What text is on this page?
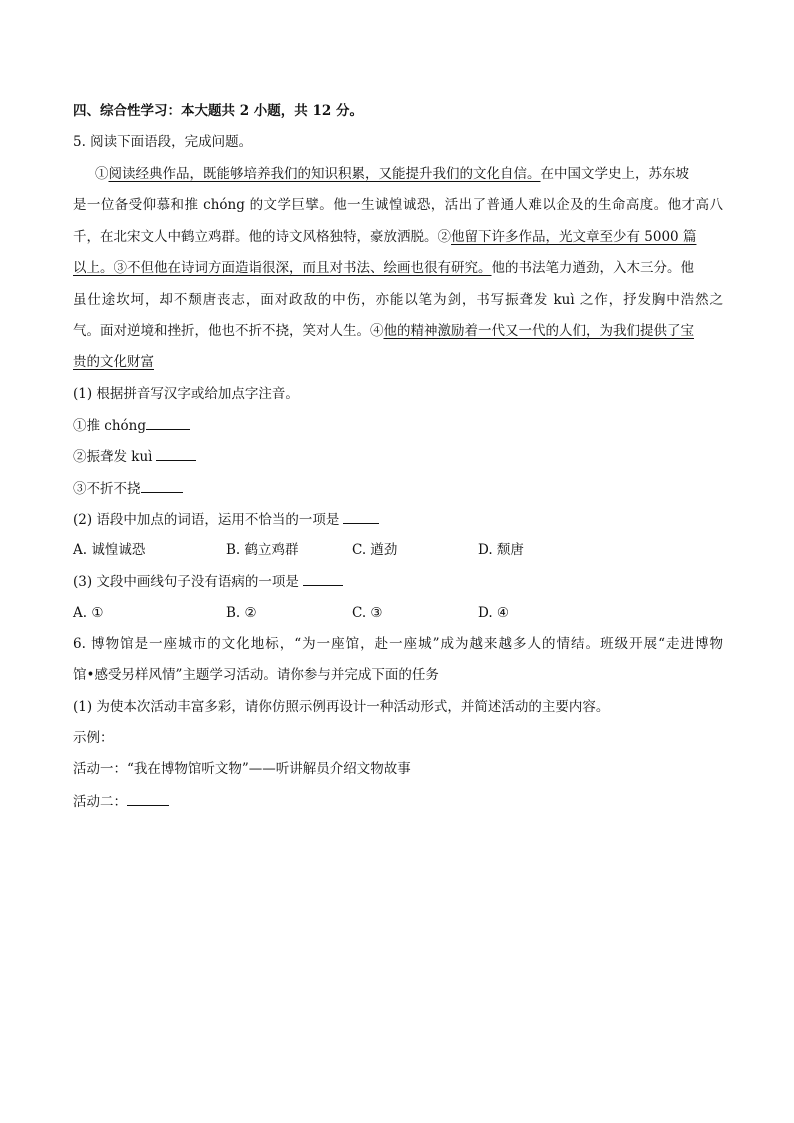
四、综合性学习：本大题共 2 小题，共 12 分。
5. 阅读下面语段，完成问题。
①阅读经典作品，既能够培养我们的知识积累，又能提升我们的文化自信。在中国文学史上，苏东坡
是一位备受仰慕和推 chóng 的文学巨擘。他一生诚惶诚恐，活出了普通人难以企及的生命高度。他才高八
千，在北宋文人中鹤立鸡群。他的诗文风格独特，豪放洒脱。②他留下许多作品，光文章至少有 5000 篇
以上。③不但他在诗词方面造诣很深，而且对书法、绘画也很有研究。他的书法笔力遒劲，入木三分。他
虽仕途坎坷，却不颓唐丧志，面对政敌的中伤，亦能以笔为剑，书写振聋发 kuì 之作，抒发胸中浩然之
气。面对逆境和挫折，他也不折不挠，笑对人生。④他的精神激励着一代又一代的人们，为我们提供了宝
贵的文化财富
(1) 根据拼音写汉字或给加点字注音。
①推 chóng
②振聋发 kuì
③不折不挠
(2) 语段中加点的词语，运用不恰当的一项是
A. 诚惶诚恐	B. 鹤立鸡群	C. 遒劲	D. 颓唐
(3) 文段中画线句子没有语病的一项是
A. ①	B. ②	C. ③	D. ④
6. 博物馆是一座城市的文化地标，“为一座馆，赴一座城”成为越来越多人的情结。班级开展“走进博物
馆•感受另样风情”主题学习活动。请你参与并完成下面的任务
(1) 为使本次活动丰富多彩，请你仿照示例再设计一种活动形式，并简述活动的主要内容。
示例：
活动一：“我在博物馆听文物”——听讲解员介绍文物故事
活动二：
